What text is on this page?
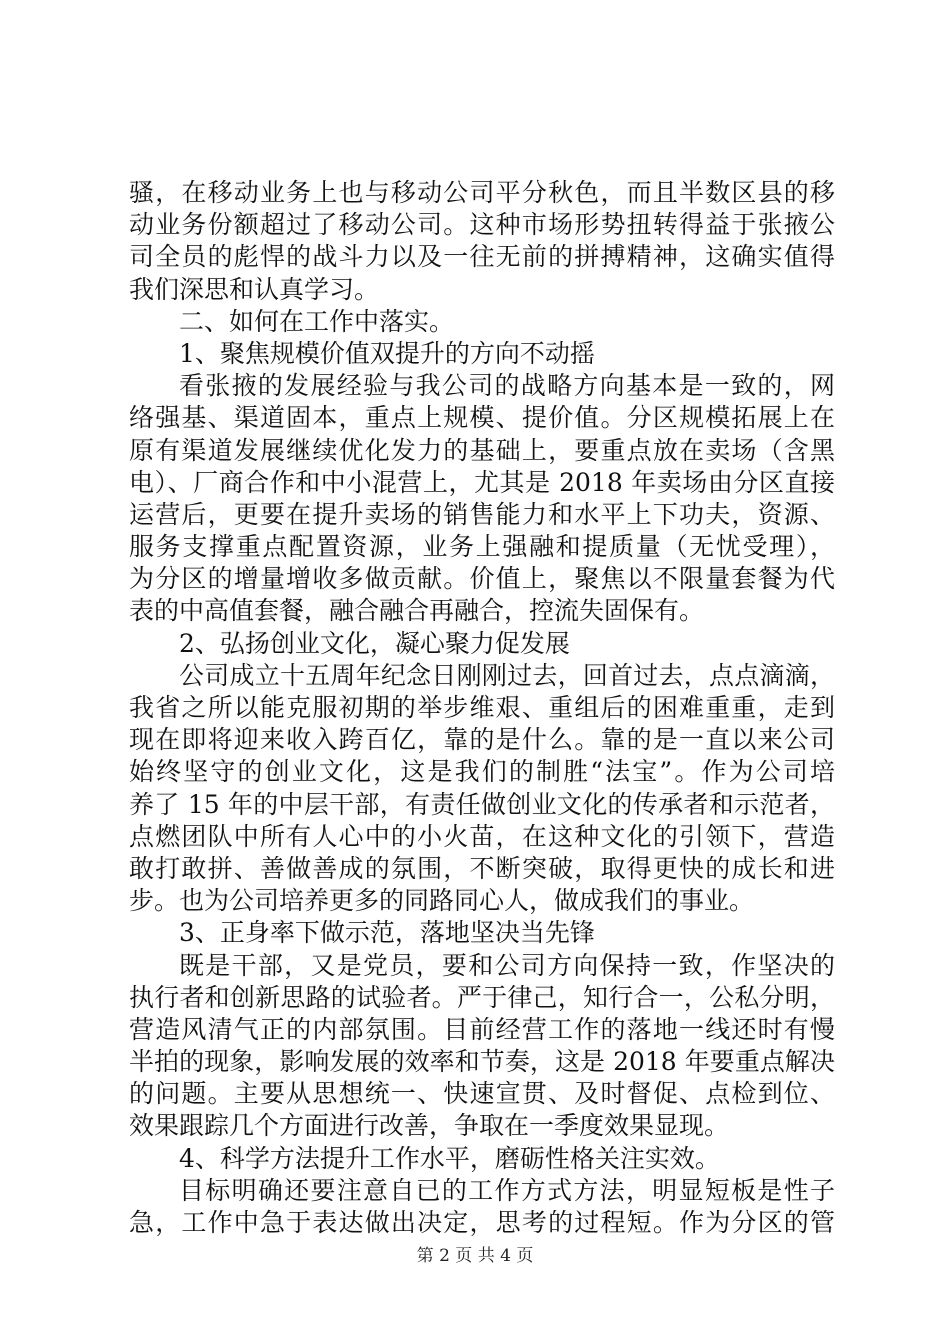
骚，在移动业务上也与移动公司平分秋色，而且半数区县的移
动业务份额超过了移动公司。这种市场形势扭转得益于张掖公
司全员的彪悍的战斗力以及一往无前的拼搏精神，这确实值得
我们深思和认真学习。
二、如何在工作中落实。
1、聚焦规模价值双提升的方向不动摇
看张掖的发展经验与我公司的战略方向基本是一致的，网
络强基、渠道固本，重点上规模、提价值。分区规模拓展上在
原有渠道发展继续优化发力的基础上，要重点放在卖场（含黑
电）、厂商合作和中小混营上，尤其是 2018 年卖场由分区直接
运营后，更要在提升卖场的销售能力和水平上下功夫，资源、
服务支撑重点配置资源，业务上强融和提质量（无忧受理），
为分区的增量增收多做贡献。价值上，聚焦以不限量套餐为代
表的中高值套餐，融合融合再融合，控流失固保有。
2、弘扬创业文化，凝心聚力促发展
公司成立十五周年纪念日刚刚过去，回首过去，点点滴滴，
我省之所以能克服初期的举步维艰、重组后的困难重重，走到
现在即将迎来收入跨百亿，靠的是什么。靠的是一直以来公司
始终坚守的创业文化，这是我们的制胜“法宝”。作为公司培
养了 15 年的中层干部，有责任做创业文化的传承者和示范者，
点燃团队中所有人心中的小火苗，在这种文化的引领下，营造
敢打敢拼、善做善成的氛围，不断突破，取得更快的成长和进
步。也为公司培养更多的同路同心人，做成我们的事业。
3、正身率下做示范，落地坚决当先锋
既是干部，又是党员，要和公司方向保持一致，作坚决的
执行者和创新思路的试验者。严于律己，知行合一，公私分明，
营造风清气正的内部氛围。目前经营工作的落地一线还时有慢
半拍的现象，影响发展的效率和节奏，这是 2018 年要重点解决
的问题。主要从思想统一、快速宣贯、及时督促、点检到位、
效果跟踪几个方面进行改善，争取在一季度效果显现。
4、科学方法提升工作水平，磨砺性格关注实效。
目标明确还要注意自已的工作方式方法，明显短板是性子
急，工作中急于表达做出决定，思考的过程短。作为分区的管
第 2 页 共 4 页
